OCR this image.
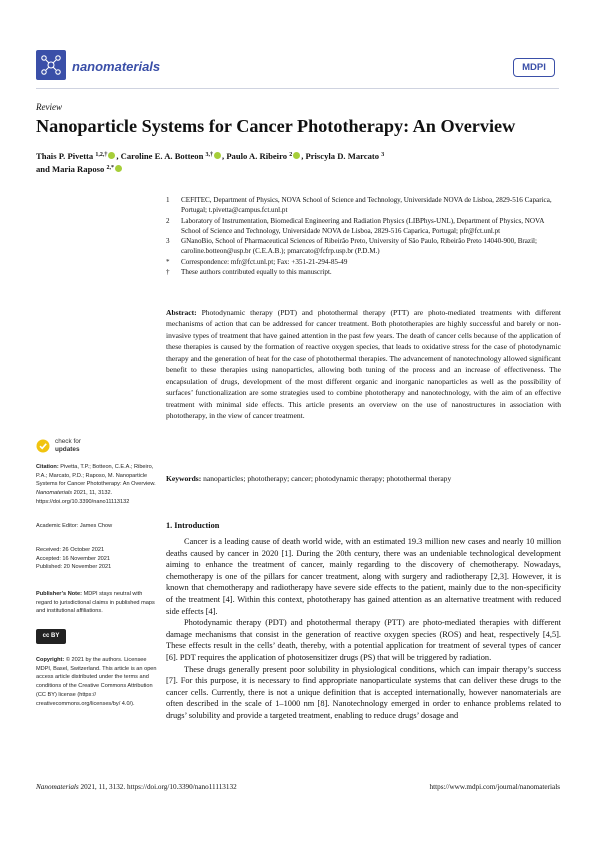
nanomaterials	MDPI
Review
Nanoparticle Systems for Cancer Phototherapy: An Overview
Thais P. Pivetta $^{1,2,\dagger}$ , Caroline E. A. Botteon $^{3,\dagger}$ , Paulo A. Ribeiro $^2$ , Priscyla D. Marcato $^3$
and Maria Raposo $^{2,*}$
1	CEFITEC, Department of Physics, NOVA School of Science and Technology, Universidade NOVA de Lisboa, 2829-516 Caparica, Portugal; t.pivetta@campus.fct.unl.pt
2	Laboratory of Instrumentation, Biomedical Engineering and Radiation Physics (LIBPhys-UNL), Department of Physics, NOVA School of Science and Technology, Universidade NOVA de Lisboa, 2829-516 Caparica, Portugal; pfr@fct.unl.pt
3	GNanoBio, School of Pharmaceutical Sciences of Ribeirão Preto, University of São Paulo, Ribeirão Preto 14040-900, Brazil; caroline.botteon@usp.br (C.E.A.B.); pmarcato@fcfrp.usp.br (P.D.M.)
*	Correspondence: mfr@fct.unl.pt; Fax: +351-21-294-85-49
†	These authors contributed equally to this manuscript.
Abstract: Photodynamic therapy (PDT) and photothermal therapy (PTT) are photo-mediated treatments with different mechanisms of action that can be addressed for cancer treatment. Both phototherapies are highly successful and barely or non-invasive types of treatment that have gained attention in the past few years. The death of cancer cells because of the application of these therapies is caused by the formation of reactive oxygen species, that leads to oxidative stress for the case of photodynamic therapy and the generation of heat for the case of photothermal therapies. The advancement of nanotechnology allowed significant benefit to these therapies using nanoparticles, allowing both tuning of the process and an increase of effectiveness. The encapsulation of drugs, development of the most different organic and inorganic nanoparticles as well as the possibility of surfaces’ functionalization are some strategies used to combine phototherapy and nanotechnology, with the aim of an effective treatment with minimal side effects. This article presents an overview on the use of nanostructures in association with phototherapy, in the view of cancer treatment.
Keywords: nanoparticles; phototherapy; cancer; photodynamic therapy; photothermal therapy
check for
updates
Citation: Pivetta, T.P.; Botteon, C.E.A.; Ribeiro, P.A.; Marcato, P.D.; Raposo, M. Nanoparticle Systems for Cancer Phototherapy: An Overview. Nanomaterials 2021, 11, 3132. https://doi.org/10.3390/nano11113132
Academic Editor: James Chow
Received: 26 October 2021
Accepted: 16 November 2021
Published: 20 November 2021
Publisher’s Note: MDPI stays neutral with regard to jurisdictional claims in published maps and institutional affiliations.
cc BY
Copyright: © 2021 by the authors. Licensee MDPI, Basel, Switzerland. This article is an open access article distributed under the terms and conditions of the Creative Commons Attribution (CC BY) license (https:// creativecommons.org/licenses/by/ 4.0/).
1. Introduction

Cancer is a leading cause of death world wide, with an estimated 19.3 million new cases and nearly 10 million deaths caused by cancer in 2020 [1]. During the 20th century, there was an undeniable technological development aiming to enhance the treatment of cancer, mainly regarding to the discovery of chemotherapy. Nowadays, chemotherapy is one of the pillars for cancer treatment, along with surgery and radiotherapy [2,3]. However, it is known that chemotherapy and radiotherapy have severe side effects to the patient, mainly due to the non-specificity of the treatment [4]. Within this context, phototherapy has gained attention as an alternative treatment with reduced side effects [4].

Photodynamic therapy (PDT) and photothermal therapy (PTT) are photo-mediated therapies with different damage mechanisms that consist in the generation of reactive oxygen species (ROS) and heat, respectively [4,5]. These effects result in the cells’ death, thereby, with a potential application for treatment of several types of cancer [6]. PDT requires the application of photosensitizer drugs (PS) that will be triggered by radiation.

These drugs generally present poor solubility in physiological conditions, which can impair therapy’s success [7]. For this purpose, it is necessary to find appropriate nanoparticulate systems that can deliver these drugs to the cancer cells. Currently, there is not a unique definition that is accepted internationally, however nanomaterials are often described in the scale of 1–1000 nm [8]. Nanotechnology emerged in order to enhance problems related to drugs’ solubility and provide a targeted treatment, enabling to reduce drugs’ dosage and

Nanomaterials 2021, 11, 3132. https://doi.org/10.3390/nano11113132	https://www.mdpi.com/journal/nanomaterials
